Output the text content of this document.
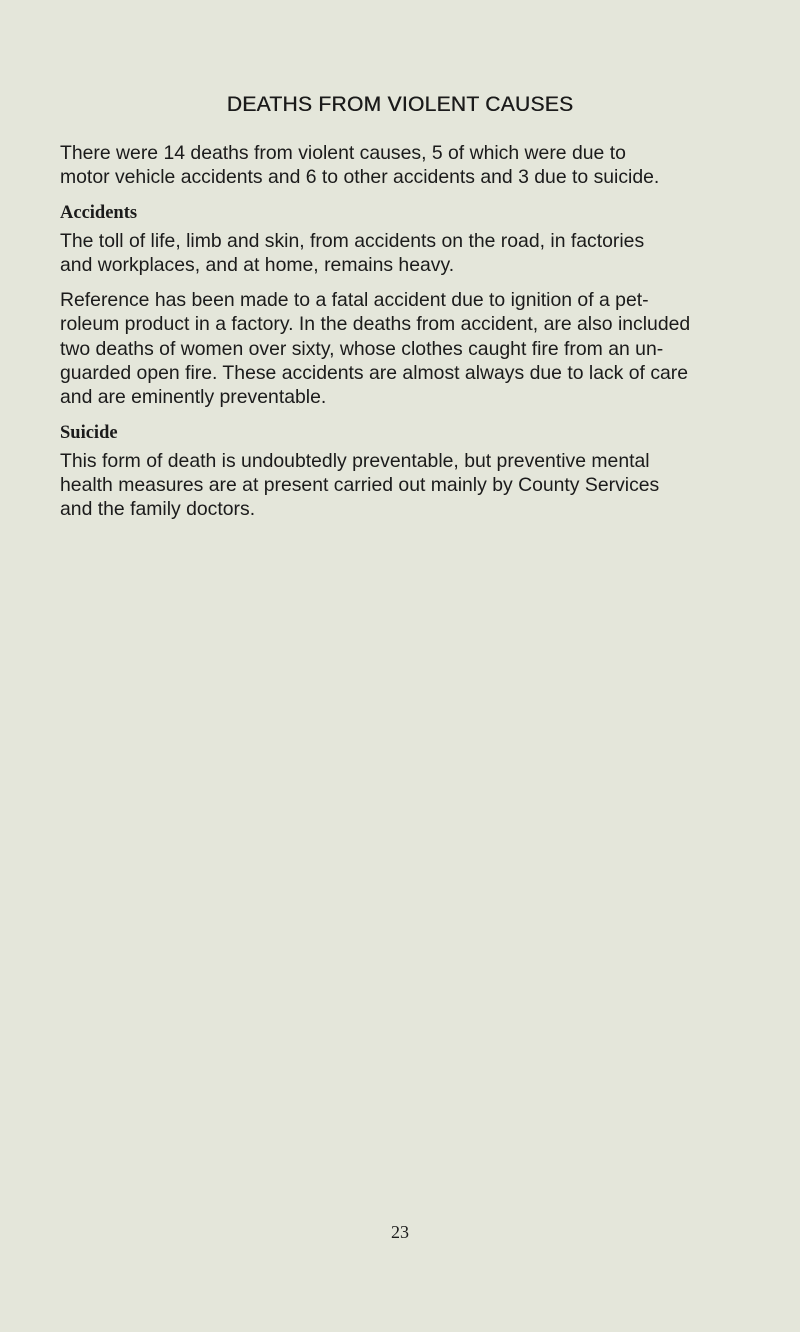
DEATHS FROM VIOLENT CAUSES

There were 14 deaths from violent causes, 5 of which were due to
motor vehicle accidents and 6 to other accidents and 3 due to suicide.

Accidents

The toll of life, limb and skin, from accidents on the road, in factories
and workplaces, and at home, remains heavy.

Reference has been made to a fatal accident due to ignition of a pet-
roleum product in a factory. In the deaths from accident, are also included
two deaths of women over sixty, whose clothes caught fire from an un-
guarded open fire. These accidents are almost always due to lack of care
and are eminently preventable.

Suicide

This form of death is undoubtedly preventable, but preventive mental
health measures are at present carried out mainly by County Services
and the family doctors.

23
